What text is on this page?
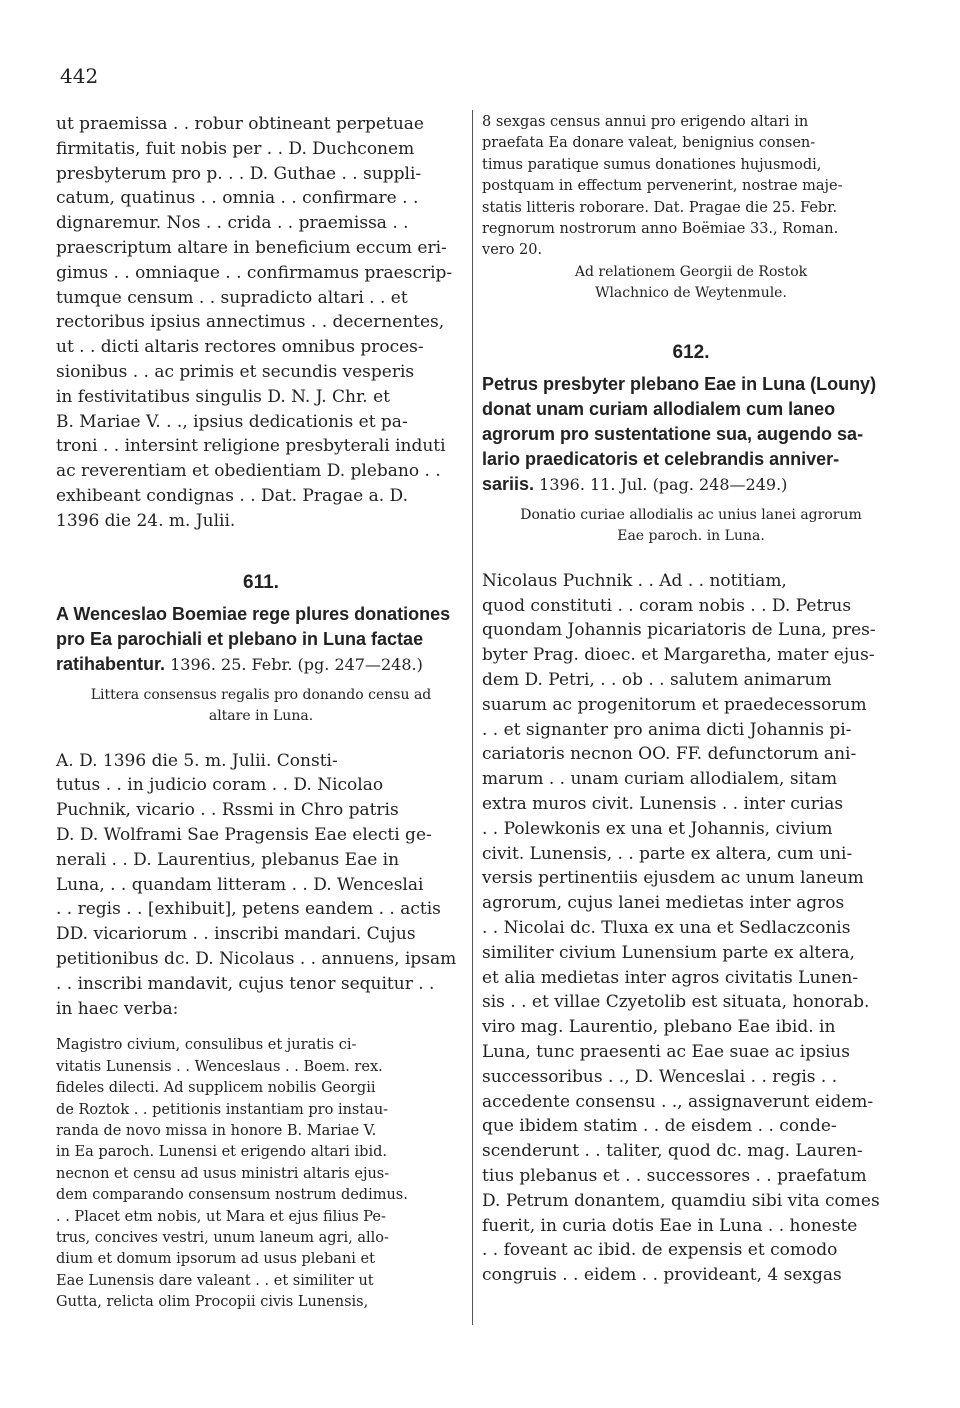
442

ut praemissa . . robur obtineant perpetuae
firmitatis, fuit nobis per . . D. Duchconem
presbyterum pro p. . . D. Guthae . . suppli-
catum, quatinus . . omnia . . confirmare . .
dignaremur. Nos . . crida . . praemissa . .
praescriptum altare in beneficium eccum eri-
gimus . . omniaque . . confirmamus praescrip-
tumque censum . . supradicto altari . . et
rectoribus ipsius annectimus . . decernentes,
ut . . dicti altaris rectores omnibus proces-
sionibus . . ac primis et secundis vesperis
in festivitatibus singulis D. N. J. Chr. et
B. Mariae V. . ., ipsius dedicationis et pa-
troni . . intersint religione presbyterali induti
ac reverentiam et obedientiam D. plebano . .
exhibeant condignas . . Dat. Pragae a. D.
1396 die 24. m. Julii.

611.

A Wenceslao Boemiae rege plures donationes
pro Ea parochiali et plebano in Luna factae
ratihabentur. 1396. 25. Febr. (pg. 247—248.)

Littera consensus regalis pro donando censu ad
altare in Luna.

A. D. 1396 die 5. m. Julii. Consti-
tutus . . in judicio coram . . D. Nicolao
Puchnik, vicario . . Rssmi in Chro patris
D. D. Wolframi Sae Pragensis Eae electi ge-
nerali . . D. Laurentius, plebanus Eae in
Luna, . . quandam litteram . . D. Wenceslai
. . regis . . [exhibuit], petens eandem . . actis
DD. vicariorum . . inscribi mandari. Cujus
petitionibus dc. D. Nicolaus . . annuens, ipsam
. . inscribi mandavit, cujus tenor sequitur . .
in haec verba:

Magistro civium, consulibus et juratis ci-
vitatis Lunensis . . Wenceslaus . . Boem. rex.
fideles dilecti. Ad supplicem nobilis Georgii
de Roztok . . petitionis instantiam pro instau-
randa de novo missa in honore B. Mariae V.
in Ea paroch. Lunensi et erigendo altari ibid.
necnon et censu ad usus ministri altaris ejus-
dem comparando consensum nostrum dedimus.
. . Placet etm nobis, ut Mara et ejus filius Pe-
trus, concives vestri, unum laneum agri, allo-
dium et domum ipsorum ad usus plebani et
Eae Lunensis dare valeant . . et similiter ut
Gutta, relicta olim Procopii civis Lunensis,

8 sexgas census annui pro erigendo altari in
praefata Ea donare valeat, benignius consen-
timus paratique sumus donationes hujusmodi,
postquam in effectum pervenerint, nostrae maje-
statis litteris roborare. Dat. Pragae die 25. Febr.
regnorum nostrorum anno Boëmiae 33., Roman.
vero 20.

Ad relationem Georgii de Rostok
Wlachnico de Weytenmule.

612.

Petrus presbyter plebano Eae in Luna (Louny)
donat unam curiam allodialem cum laneo
agrorum pro sustentatione sua, augendo sa-
lario praedicatoris et celebrandis anniver-
sariis. 1396. 11. Jul. (pag. 248—249.)

Donatio curiae allodialis ac unius lanei agrorum
Eae paroch. in Luna.

Nicolaus Puchnik . . Ad . . notitiam,
quod constituti . . coram nobis . . D. Petrus
quondam Johannis picariatoris de Luna, pres-
byter Prag. dioec. et Margaretha, mater ejus-
dem D. Petri, . . ob . . salutem animarum
suarum ac progenitorum et praedecessorum
. . et signanter pro anima dicti Johannis pi-
cariatoris necnon OO. FF. defunctorum ani-
marum . . unam curiam allodialem, sitam
extra muros civit. Lunensis . . inter curias
. . Polewkonis ex una et Johannis, civium
civit. Lunensis, . . parte ex altera, cum uni-
versis pertinentiis ejusdem ac unum laneum
agrorum, cujus lanei medietas inter agros
. . Nicolai dc. Tluxa ex una et Sedlaczconis
similiter civium Lunensium parte ex altera,
et alia medietas inter agros civitatis Lunen-
sis . . et villae Czyetolib est situata, honorab.
viro mag. Laurentio, plebano Eae ibid. in
Luna, tunc praesenti ac Eae suae ac ipsius
successoribus . ., D. Wenceslai . . regis . .
accedente consensu . ., assignaverunt eidem-
que ibidem statim . . de eisdem . . conde-
scenderunt . . taliter, quod dc. mag. Lauren-
tius plebanus et . . successores . . praefatum
D. Petrum donantem, quamdiu sibi vita comes
fuerit, in curia dotis Eae in Luna . . honeste
. . foveant ac ibid. de expensis et comodo
congruis . . eidem . . provideant, 4 sexgas
